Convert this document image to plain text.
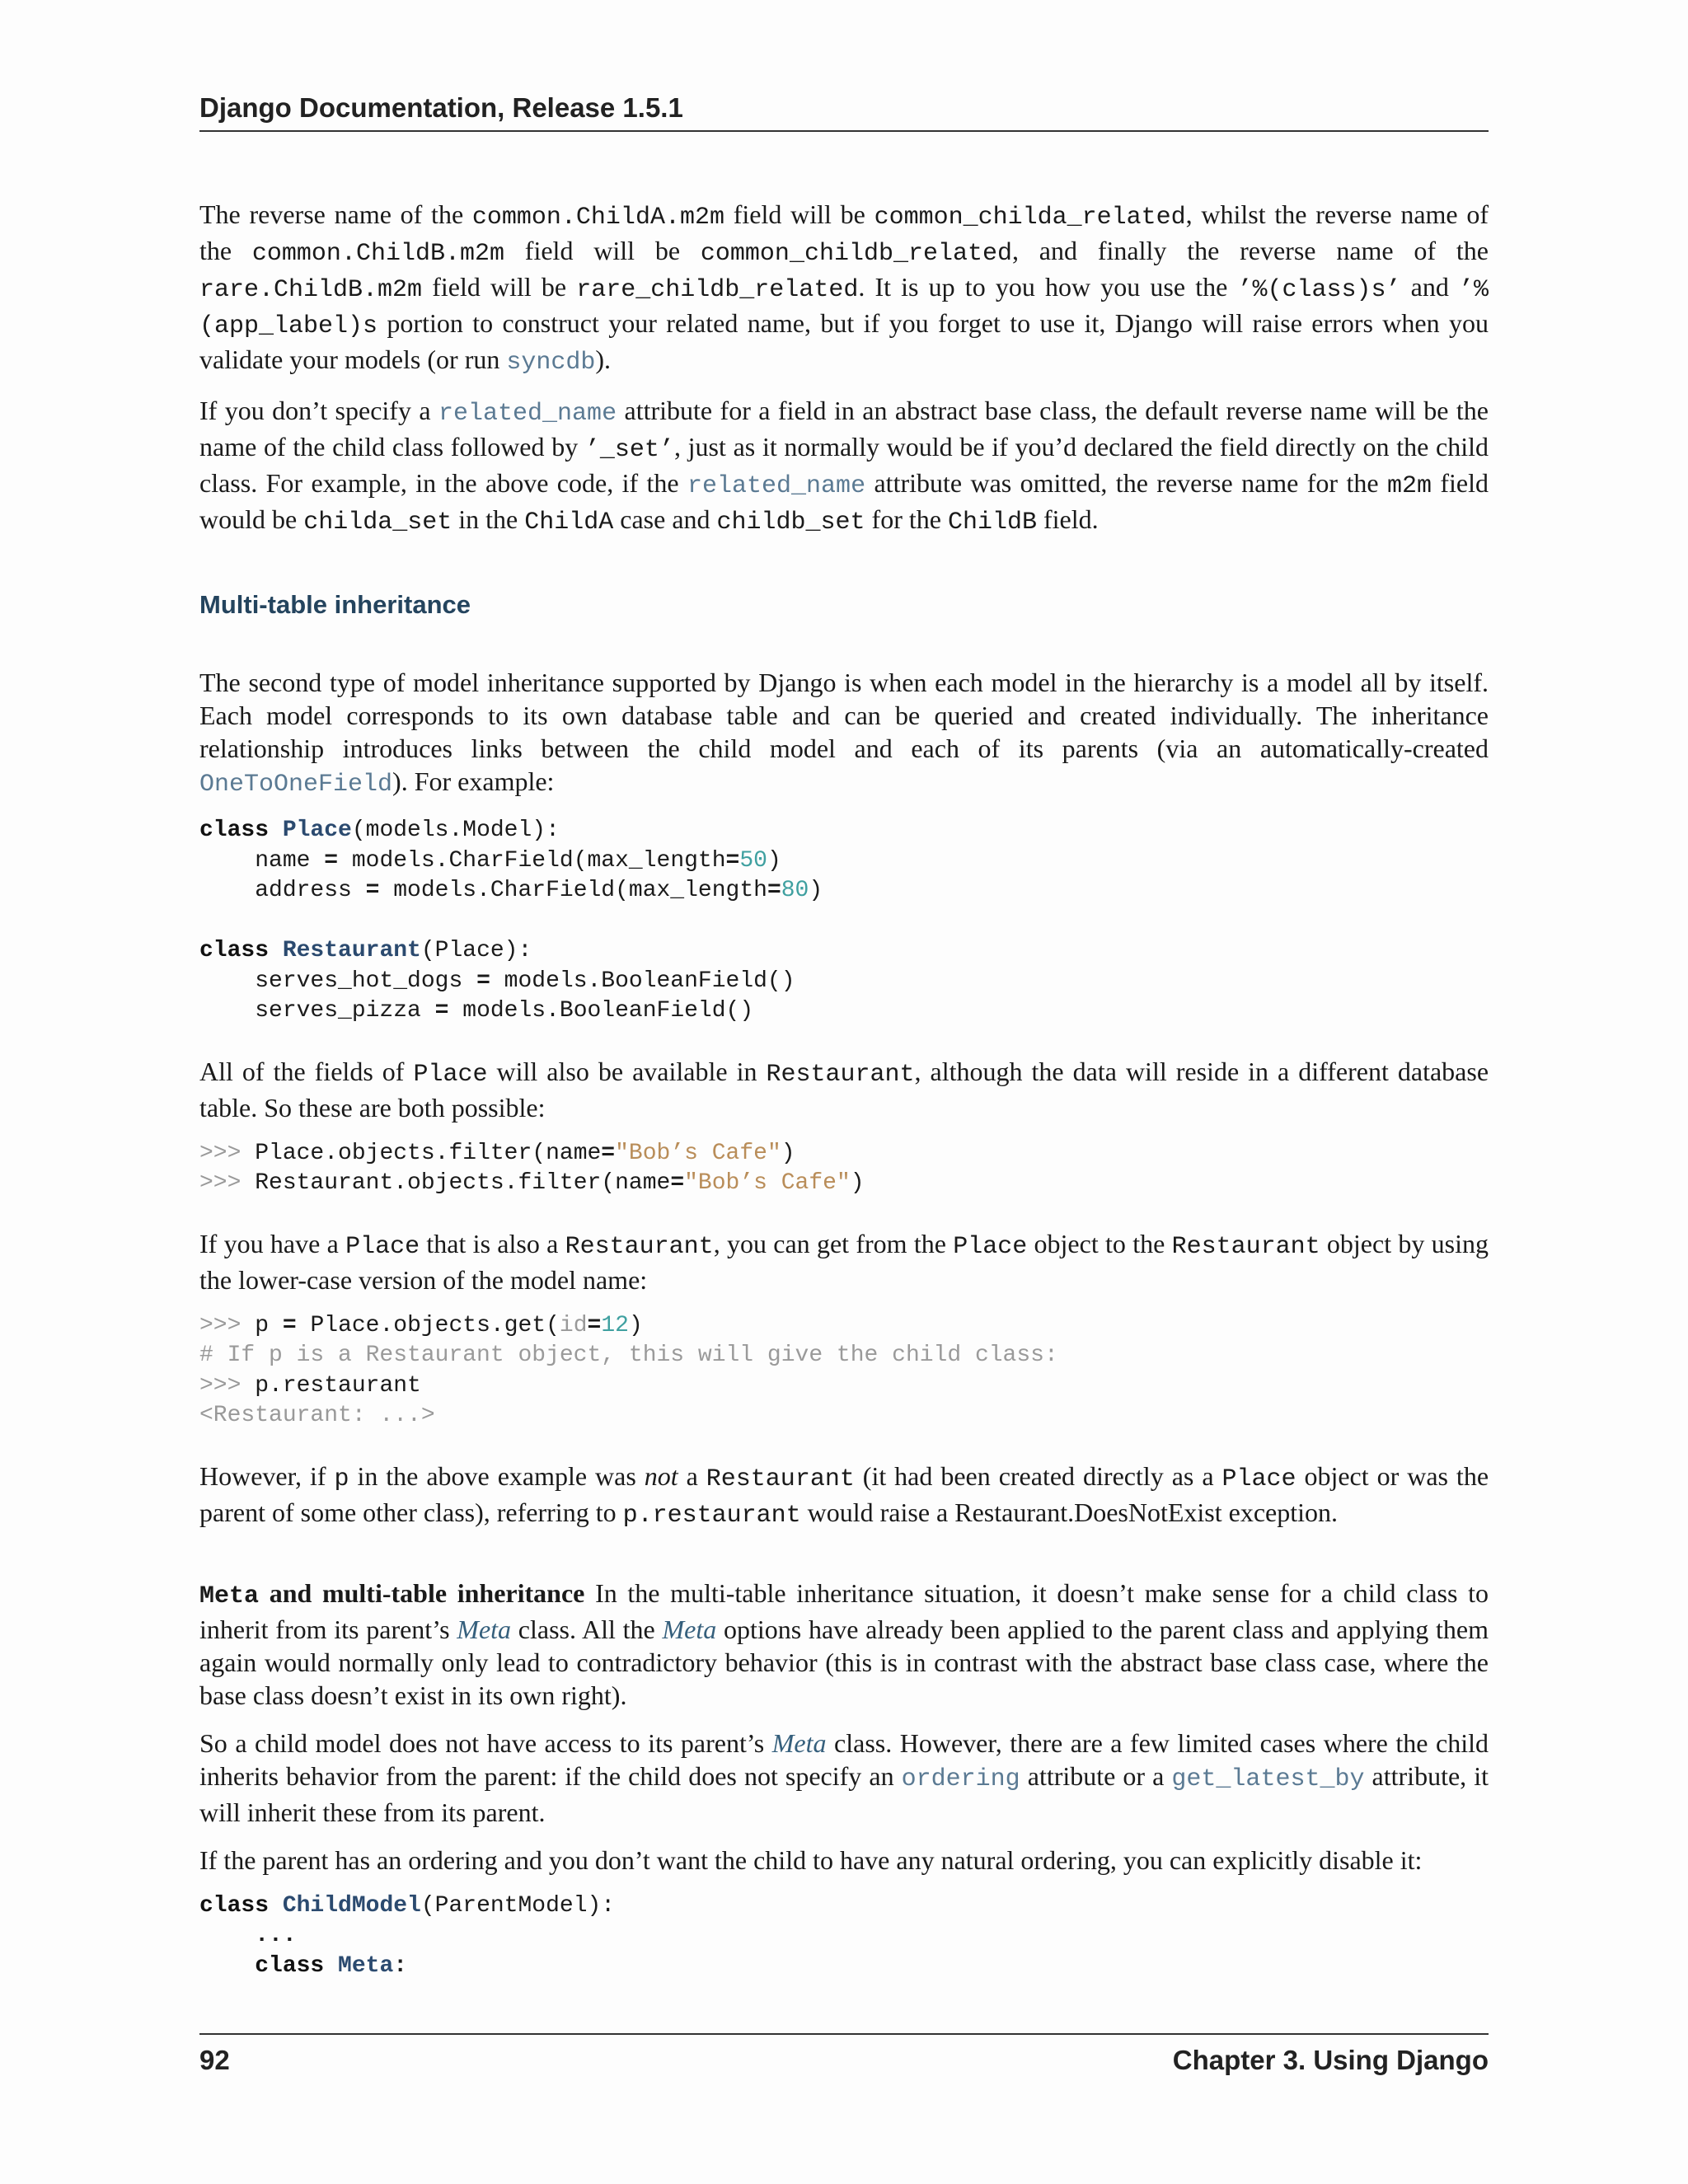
Django Documentation, Release 1.5.1

The reverse name of the common.ChildA.m2m field will be common_childa_related, whilst the reverse name of the common.ChildB.m2m field will be common_childb_related, and finally the reverse name of the rare.ChildB.m2m field will be rare_childb_related. It is up to you how you use the ’%(class)s’ and ’%(app_label)s portion to construct your related name, but if you forget to use it, Django will raise errors when you validate your models (or run syncdb).

If you don’t specify a related_name attribute for a field in an abstract base class, the default reverse name will be the name of the child class followed by ’_set’, just as it normally would be if you’d declared the field directly on the child class. For example, in the above code, if the related_name attribute was omitted, the reverse name for the m2m field would be childa_set in the ChildA case and childb_set for the ChildB field.

Multi-table inheritance

The second type of model inheritance supported by Django is when each model in the hierarchy is a model all by itself. Each model corresponds to its own database table and can be queried and created individually. The inheritance relationship introduces links between the child model and each of its parents (via an automatically-created OneToOneField). For example:

class Place(models.Model):
name = models.CharField(max_length=50)
address = models.CharField(max_length=80)

class Restaurant(Place):
serves_hot_dogs = models.BooleanField()
serves_pizza = models.BooleanField()

All of the fields of Place will also be available in Restaurant, although the data will reside in a different database table. So these are both possible:

>>> Place.objects.filter(name="Bob’s Cafe")
>>> Restaurant.objects.filter(name="Bob’s Cafe")

If you have a Place that is also a Restaurant, you can get from the Place object to the Restaurant object by using the lower-case version of the model name:

>>> p = Place.objects.get(id=12)
# If p is a Restaurant object, this will give the child class:
>>> p.restaurant
<Restaurant: ...>

However, if p in the above example was not a Restaurant (it had been created directly as a Place object or was the parent of some other class), referring to p.restaurant would raise a Restaurant.DoesNotExist exception.

Meta and multi-table inheritance In the multi-table inheritance situation, it doesn’t make sense for a child class to inherit from its parent’s Meta class. All the Meta options have already been applied to the parent class and applying them again would normally only lead to contradictory behavior (this is in contrast with the abstract base class case, where the base class doesn’t exist in its own right).

So a child model does not have access to its parent’s Meta class. However, there are a few limited cases where the child inherits behavior from the parent: if the child does not specify an ordering attribute or a get_latest_by attribute, it will inherit these from its parent.

If the parent has an ordering and you don’t want the child to have any natural ordering, you can explicitly disable it:

class ChildModel(ParentModel):
...
class Meta:
92	Chapter 3. Using Django
